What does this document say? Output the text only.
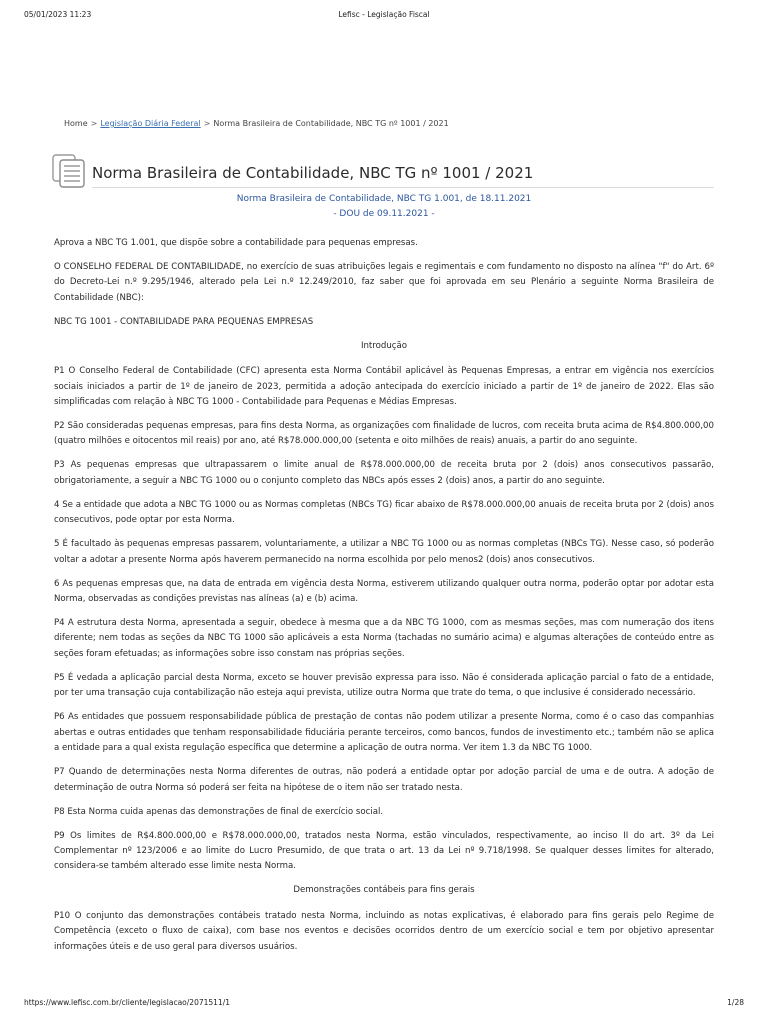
05/01/2023 11:23	Lefisc - Legislação Fiscal
Home > Legislação Diária Federal > Norma Brasileira de Contabilidade, NBC TG nº 1001 / 2021
Norma Brasileira de Contabilidade, NBC TG nº 1001 / 2021
Norma Brasileira de Contabilidade, NBC TG 1.001, de 18.11.2021
- DOU de 09.11.2021 -

Aprova a NBC TG 1.001, que dispõe sobre a contabilidade para pequenas empresas.

O CONSELHO FEDERAL DE CONTABILIDADE, no exercício de suas atribuições legais e regimentais e com fundamento no disposto na alínea "f" do Art. 6º do Decreto-Lei n.º 9.295/1946, alterado pela Lei n.º 12.249/2010, faz saber que foi aprovada em seu Plenário a seguinte Norma Brasileira de Contabilidade (NBC):

NBC TG 1001 - CONTABILIDADE PARA PEQUENAS EMPRESAS

Introdução

P1 O Conselho Federal de Contabilidade (CFC) apresenta esta Norma Contábil aplicável às Pequenas Empresas, a entrar em vigência nos exercícios sociais iniciados a partir de 1º de janeiro de 2023, permitida a adoção antecipada do exercício iniciado a partir de 1º de janeiro de 2022. Elas são simplificadas com relação à NBC TG 1000 - Contabilidade para Pequenas e Médias Empresas.

P2 São consideradas pequenas empresas, para fins desta Norma, as organizações com finalidade de lucros, com receita bruta acima de R$4.800.000,00 (quatro milhões e oitocentos mil reais) por ano, até R$78.000.000,00 (setenta e oito milhões de reais) anuais, a partir do ano seguinte.

P3 As pequenas empresas que ultrapassarem o limite anual de R$78.000.000,00 de receita bruta por 2 (dois) anos consecutivos passarão, obrigatoriamente, a seguir a NBC TG 1000 ou o conjunto completo das NBCs após esses 2 (dois) anos, a partir do ano seguinte.

4 Se a entidade que adota a NBC TG 1000 ou as Normas completas (NBCs TG) ficar abaixo de R$78.000.000,00 anuais de receita bruta por 2 (dois) anos consecutivos, pode optar por esta Norma.

5 É facultado às pequenas empresas passarem, voluntariamente, a utilizar a NBC TG 1000 ou as normas completas (NBCs TG). Nesse caso, só poderão voltar a adotar a presente Norma após haverem permanecido na norma escolhida por pelo menos2 (dois) anos consecutivos.

6 As pequenas empresas que, na data de entrada em vigência desta Norma, estiverem utilizando qualquer outra norma, poderão optar por adotar esta Norma, observadas as condições previstas nas alíneas (a) e (b) acima.

P4 A estrutura desta Norma, apresentada a seguir, obedece à mesma que a da NBC TG 1000, com as mesmas seções, mas com numeração dos itens diferente; nem todas as seções da NBC TG 1000 são aplicáveis a esta Norma (tachadas no sumário acima) e algumas alterações de conteúdo entre as seções foram efetuadas; as informações sobre isso constam nas próprias seções.

P5 É vedada a aplicação parcial desta Norma, exceto se houver previsão expressa para isso. Não é considerada aplicação parcial o fato de a entidade, por ter uma transação cuja contabilização não esteja aqui prevista, utilize outra Norma que trate do tema, o que inclusive é considerado necessário.

P6 As entidades que possuem responsabilidade pública de prestação de contas não podem utilizar a presente Norma, como é o caso das companhias abertas e outras entidades que tenham responsabilidade fiduciária perante terceiros, como bancos, fundos de investimento etc.; também não se aplica a entidade para a qual exista regulação específica que determine a aplicação de outra norma. Ver item 1.3 da NBC TG 1000.

P7 Quando de determinações nesta Norma diferentes de outras, não poderá a entidade optar por adoção parcial de uma e de outra. A adoção de determinação de outra Norma só poderá ser feita na hipótese de o item não ser tratado nesta.

P8 Esta Norma cuida apenas das demonstrações de final de exercício social.

P9 Os limites de R$4.800.000,00 e R$78.000.000,00, tratados nesta Norma, estão vinculados, respectivamente, ao inciso II do art. 3º da Lei Complementar nº 123/2006 e ao limite do Lucro Presumido, de que trata o art. 13 da Lei nº 9.718/1998. Se qualquer desses limites for alterado, considera-se também alterado esse limite nesta Norma.

Demonstrações contábeis para fins gerais

P10 O conjunto das demonstrações contábeis tratado nesta Norma, incluindo as notas explicativas, é elaborado para fins gerais pelo Regime de Competência (exceto o fluxo de caixa), com base nos eventos e decisões ocorridos dentro de um exercício social e tem por objetivo apresentar informações úteis e de uso geral para diversos usuários.

https://www.lefisc.com.br/cliente/legislacao/2071511/1	1/28
